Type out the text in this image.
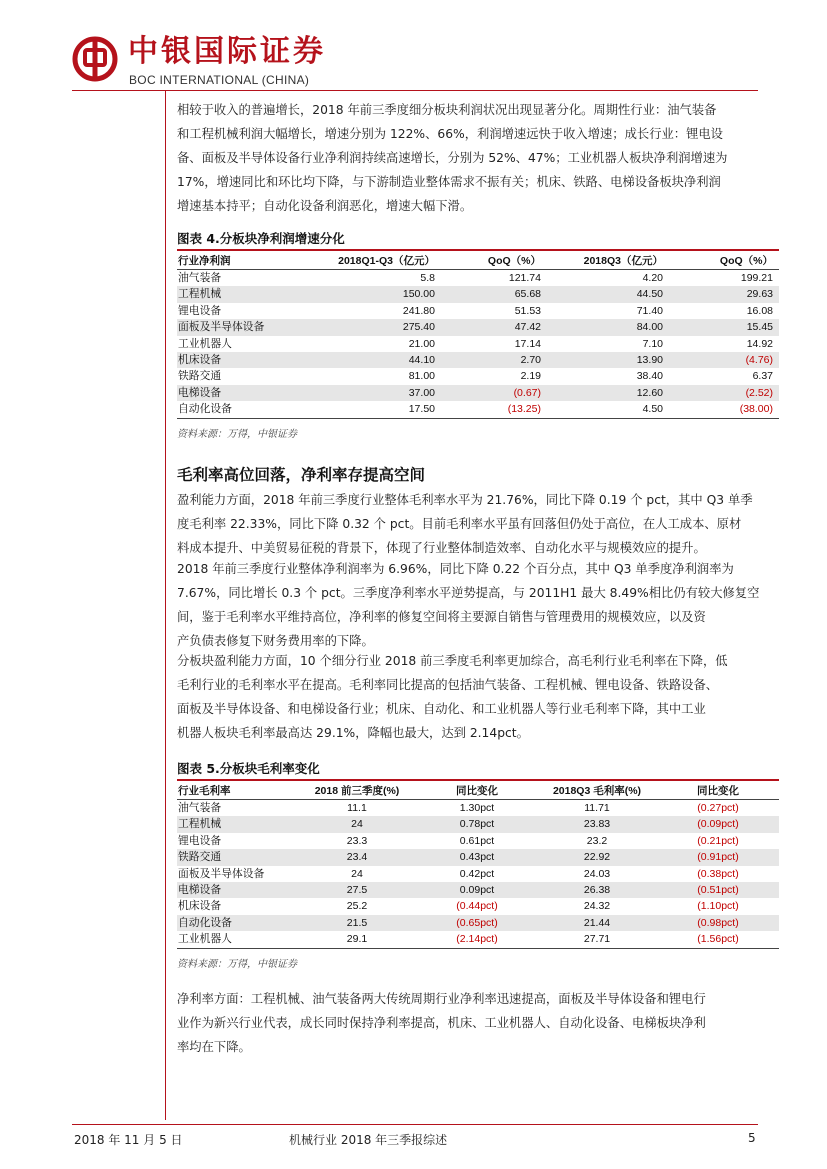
中银国际证券
BOC INTERNATIONAL (CHINA)
相较于收入的普遍增长，2018 年前三季度细分板块利润状况出现显著分化。周期性行业：油气装备
和工程机械利润大幅增长，增速分别为 122%、66%，利润增速远快于收入增速；成长行业：锂电设
备、面板及半导体设备行业净利润持续高速增长，分别为 52%、47%；工业机器人板块净利润增速为
17%，增速同比和环比均下降，与下游制造业整体需求不振有关；机床、铁路、电梯设备板块净利润
增速基本持平；自动化设备利润恶化，增速大幅下滑。
图表 4.分板块净利润增速分化
行业净利润	2018Q1-Q3（亿元）	QoQ（%）	2018Q3（亿元）	QoQ（%）
油气装备	5.8	121.74	4.20	199.21
工程机械	150.00	65.68	44.50	29.63
锂电设备	241.80	51.53	71.40	16.08
面板及半导体设备	275.40	47.42	84.00	15.45
工业机器人	21.00	17.14	7.10	14.92
机床设备	44.10	2.70	13.90	(4.76)
铁路交通	81.00	2.19	38.40	6.37
电梯设备	37.00	(0.67)	12.60	(2.52)
自动化设备	17.50	(13.25)	4.50	(38.00)
资料来源：万得，中银证券
毛利率高位回落，净利率存提高空间
盈利能力方面，2018 年前三季度行业整体毛利率水平为 21.76%，同比下降 0.19 个 pct，其中 Q3 单季
度毛利率 22.33%，同比下降 0.32 个 pct。目前毛利率水平虽有回落但仍处于高位，在人工成本、原材
料成本提升、中美贸易征税的背景下，体现了行业整体制造效率、自动化水平与规模效应的提升。
2018 年前三季度行业整体净利润率为 6.96%，同比下降 0.22 个百分点，其中 Q3 单季度净利润率为
7.67%，同比增长 0.3 个 pct。三季度净利率水平逆势提高，与 2011H1 最大 8.49%相比仍有较大修复空
间，鉴于毛利率水平维持高位，净利率的修复空间将主要源自销售与管理费用的规模效应，以及资
产负债表修复下财务费用率的下降。
分板块盈利能力方面，10 个细分行业 2018 前三季度毛利率更加综合，高毛利行业毛利率在下降，低
毛利行业的毛利率水平在提高。毛利率同比提高的包括油气装备、工程机械、锂电设备、铁路设备、
面板及半导体设备、和电梯设备行业；机床、自动化、和工业机器人等行业毛利率下降，其中工业
机器人板块毛利率最高达 29.1%，降幅也最大，达到 2.14pct。
图表 5.分板块毛利率变化
行业毛利率	2018 前三季度(%)	同比变化	2018Q3 毛利率(%)	同比变化
油气装备	11.1	1.30pct	11.71	(0.27pct)
工程机械	24	0.78pct	23.83	(0.09pct)
锂电设备	23.3	0.61pct	23.2	(0.21pct)
铁路交通	23.4	0.43pct	22.92	(0.91pct)
面板及半导体设备	24	0.42pct	24.03	(0.38pct)
电梯设备	27.5	0.09pct	26.38	(0.51pct)
机床设备	25.2	(0.44pct)	24.32	(1.10pct)
自动化设备	21.5	(0.65pct)	21.44	(0.98pct)
工业机器人	29.1	(2.14pct)	27.71	(1.56pct)
资料来源：万得，中银证券
净利率方面：工程机械、油气装备两大传统周期行业净利率迅速提高，面板及半导体设备和锂电行
业作为新兴行业代表，成长同时保持净利率提高，机床、工业机器人、自动化设备、电梯板块净利
率均在下降。
2018 年 11 月 5 日	机械行业 2018 年三季报综述	5
